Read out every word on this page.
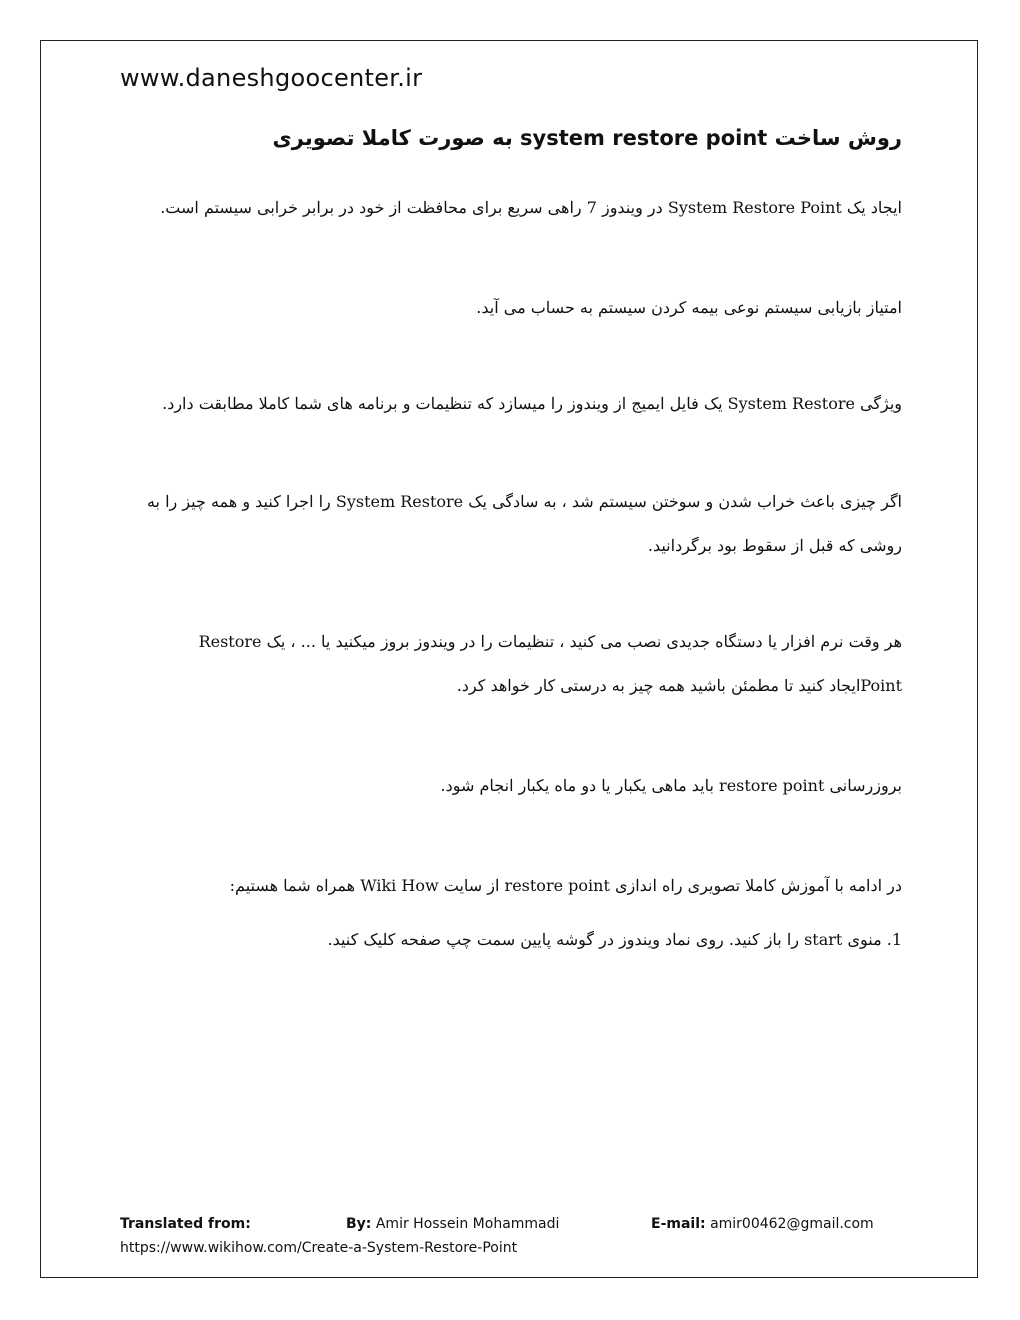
www.daneshgoocenter.ir
روش ساخت system restore point به صورت کاملا تصویری
ایجاد یک System Restore Point در ویندوز 7 راهی سریع برای محافظت از خود در برابر خرابی سیستم است.
امتیاز بازیابی سیستم نوعی بیمه کردن سیستم به حساب می آید.
ویژگی System Restore یک فایل ایمیج از ویندوز را میسازد که تنظیمات و برنامه های شما کاملا مطابقت دارد.
اگر چیزی باعث خراب شدن و سوختن سیستم شد ، به سادگی یک System Restore را اجرا کنید و همه چیز را به روشی که قبل از سقوط بود برگردانید.
هر وقت نرم افزار یا دستگاه جدیدی نصب می کنید ، تنظیمات را در ویندوز بروز میکنید یا ... ، یک Restore Pointایجاد کنید تا مطمئن باشید همه چیز به درستی کار خواهد کرد.
بروزرسانی restore point باید ماهی یکبار یا دو ماه یکبار انجام شود.
در ادامه با آموزش کاملا تصویری راه اندازی restore point از سایت Wiki How همراه شما هستیم:
1. منوی start را باز کنید. روی نماد ویندوز در گوشه پایین سمت چپ صفحه کلیک کنید.
Translated from:	By: Amir Hossein Mohammadi	E-mail: amir00462@gmail.com
https://www.wikihow.com/Create-a-System-Restore-Point
